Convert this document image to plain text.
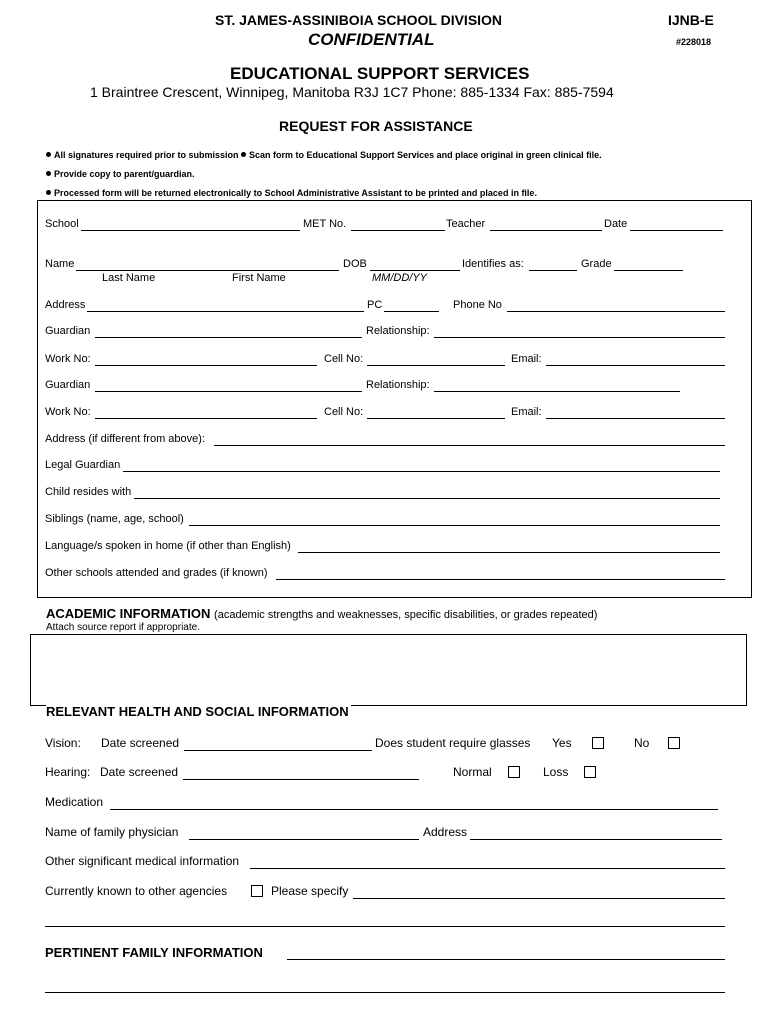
ST. JAMES-ASSINIBOIA SCHOOL DIVISION
CONFIDENTIAL
IJNB-E
#228018
EDUCATIONAL SUPPORT SERVICES
1 Braintree Crescent, Winnipeg, Manitoba R3J 1C7 Phone: 885-1334 Fax: 885-7594
REQUEST FOR ASSISTANCE
All signatures required prior to submission Scan form to Educational Support Services and place original in green clinical file.
Provide copy to parent/guardian.
Processed form will be returned electronically to School Administrative Assistant to be printed and placed in file.
School	MET No.	Teacher	Date
Name	DOB	Identifies as:	Grade
Last Name	First Name	MM/DD/YY
Address	PC	Phone No
Guardian	Relationship:
Work No:	Cell No:	Email:
Guardian	Relationship:
Work No:	Cell No:	Email:
Address (if different from above):
Legal Guardian
Child resides with
Siblings (name, age, school)
Language/s spoken in home (if other than English)
Other schools attended and grades (if known)
ACADEMIC INFORMATION (academic strengths and weaknesses, specific disabilities, or grades repeated)
Attach source report if appropriate.
RELEVANT HEALTH AND SOCIAL INFORMATION
Vision: Date screened	Does student require glasses Yes	No
Hearing: Date screened	Normal	Loss
Medication
Name of family physician	Address
Other significant medical information
Currently known to other agencies	Please specify
PERTINENT FAMILY INFORMATION
